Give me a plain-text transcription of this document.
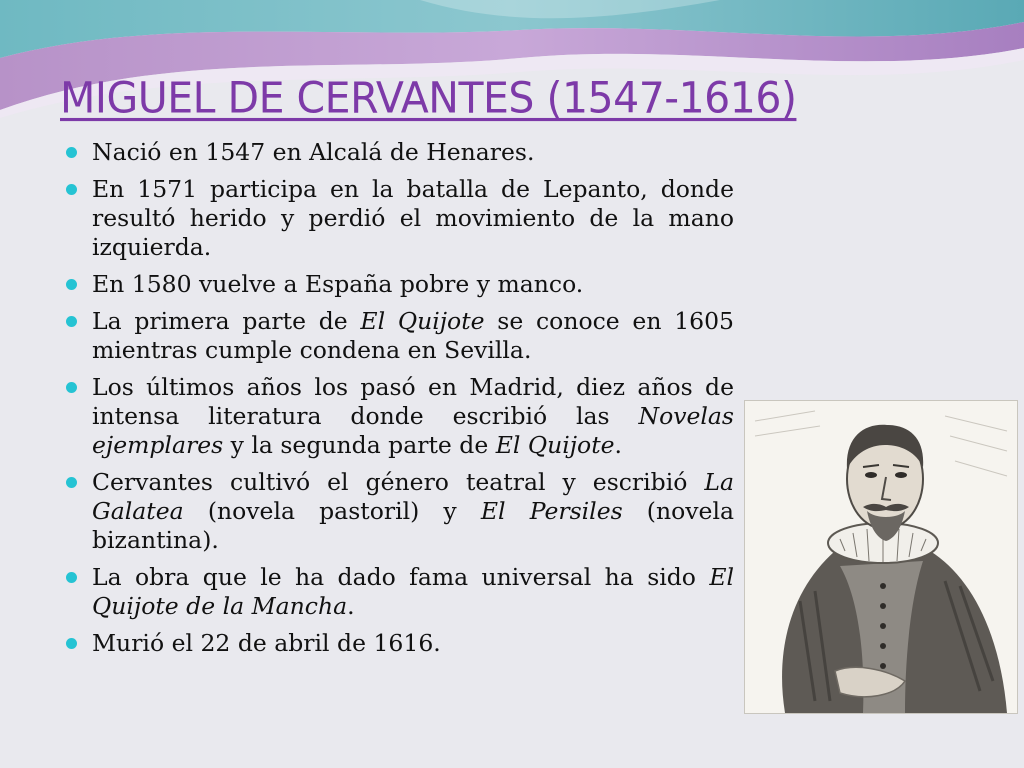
MIGUEL DE CERVANTES (1547-1616)
Nació en 1547 en Alcalá de Henares.
En 1571 participa en la batalla de Lepanto, donde resultó herido y perdió el movimiento de la mano izquierda.
En 1580 vuelve a España pobre y manco.
La primera parte de El Quijote se conoce en 1605 mientras cumple condena en Sevilla.
Los últimos años los pasó en Madrid, diez años de intensa literatura donde escribió las Novelas ejemplares y la segunda parte de El Quijote.
Cervantes cultivó el género teatral y escribió La Galatea (novela pastoril) y El Persiles (novela bizantina).
La obra que le ha dado fama universal ha sido El Quijote de la Mancha.
Murió el 22 de abril de 1616.
